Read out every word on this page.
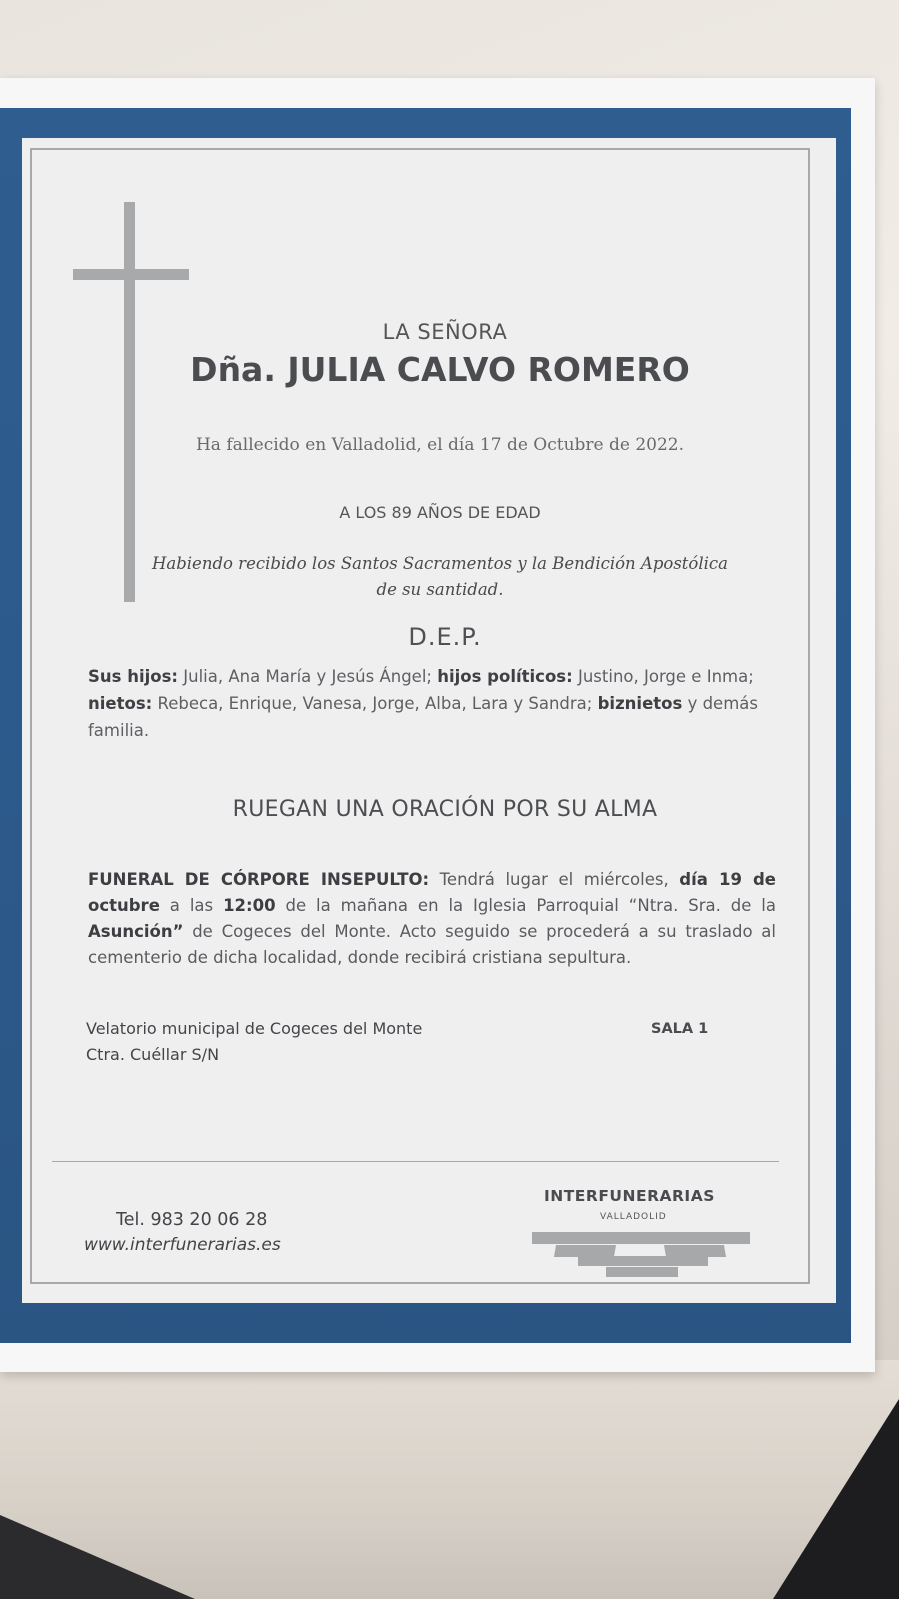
LA SEÑORA
Dña. JULIA CALVO ROMERO
Ha fallecido en Valladolid, el día 17 de Octubre de 2022.
A LOS 89 AÑOS DE EDAD
Habiendo recibido los Santos Sacramentos y la Bendición Apostólica
de su santidad.
D.E.P.
Sus hijos: Julia, Ana María y Jesús Ángel; hijos políticos: Justino, Jorge e Inma; nietos: Rebeca, Enrique, Vanesa, Jorge, Alba, Lara y Sandra; biznietos y demás familia.
RUEGAN UNA ORACIÓN POR SU ALMA
FUNERAL DE CÓRPORE INSEPULTO: Tendrá lugar el miércoles, día 19 de octubre a las 12:00 de la mañana en la Iglesia Parroquial “Ntra. Sra. de la Asunción” de Cogeces del Monte. Acto seguido se procederá a su traslado al cementerio de dicha localidad, donde recibirá cristiana sepultura.
Velatorio municipal de Cogeces del Monte
Ctra. Cuéllar S/N
SALA 1
Tel. 983 20 06 28
www.interfunerarias.es
INTERFUNERARIAS
VALLADOLID
